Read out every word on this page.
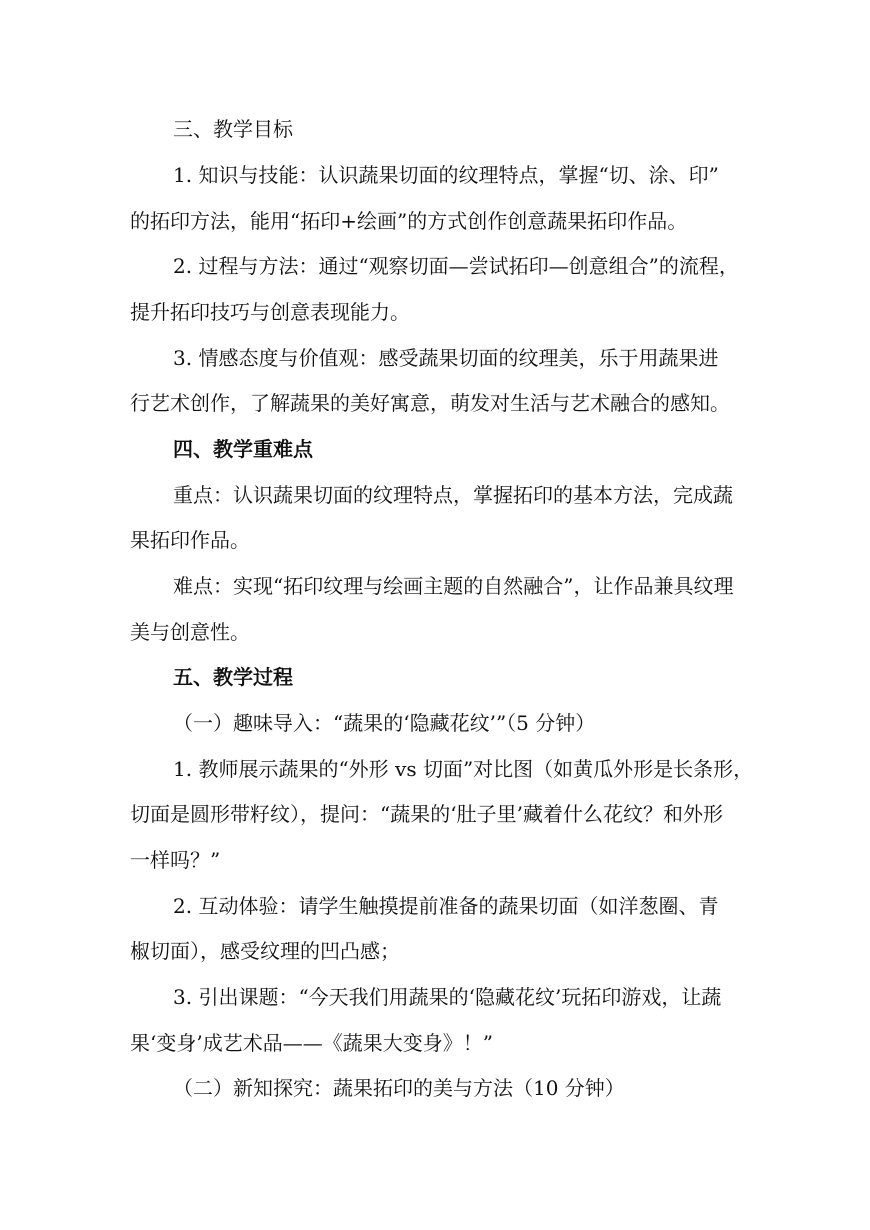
三、教学目标
1. 知识与技能：认识蔬果切面的纹理特点，掌握“切、涂、印”
的拓印方法，能用“拓印+绘画”的方式创作创意蔬果拓印作品。
2. 过程与方法：通过“观察切面—尝试拓印—创意组合”的流程，
提升拓印技巧与创意表现能力。
3. 情感态度与价值观：感受蔬果切面的纹理美，乐于用蔬果进
行艺术创作，了解蔬果的美好寓意，萌发对生活与艺术融合的感知。
四、教学重难点
重点：认识蔬果切面的纹理特点，掌握拓印的基本方法，完成蔬
果拓印作品。
难点：实现“拓印纹理与绘画主题的自然融合”，让作品兼具纹理
美与创意性。
五、教学过程
（一）趣味导入：“蔬果的‘隐藏花纹’”（5 分钟）
1. 教师展示蔬果的“外形 vs 切面”对比图（如黄瓜外形是长条形，
切面是圆形带籽纹），提问：“蔬果的‘肚子里’藏着什么花纹？和外形
一样吗？”
2. 互动体验：请学生触摸提前准备的蔬果切面（如洋葱圈、青
椒切面），感受纹理的凹凸感；
3. 引出课题：“今天我们用蔬果的‘隐藏花纹’玩拓印游戏，让蔬
果‘变身’成艺术品——《蔬果大变身》！”
（二）新知探究：蔬果拓印的美与方法（10 分钟）
